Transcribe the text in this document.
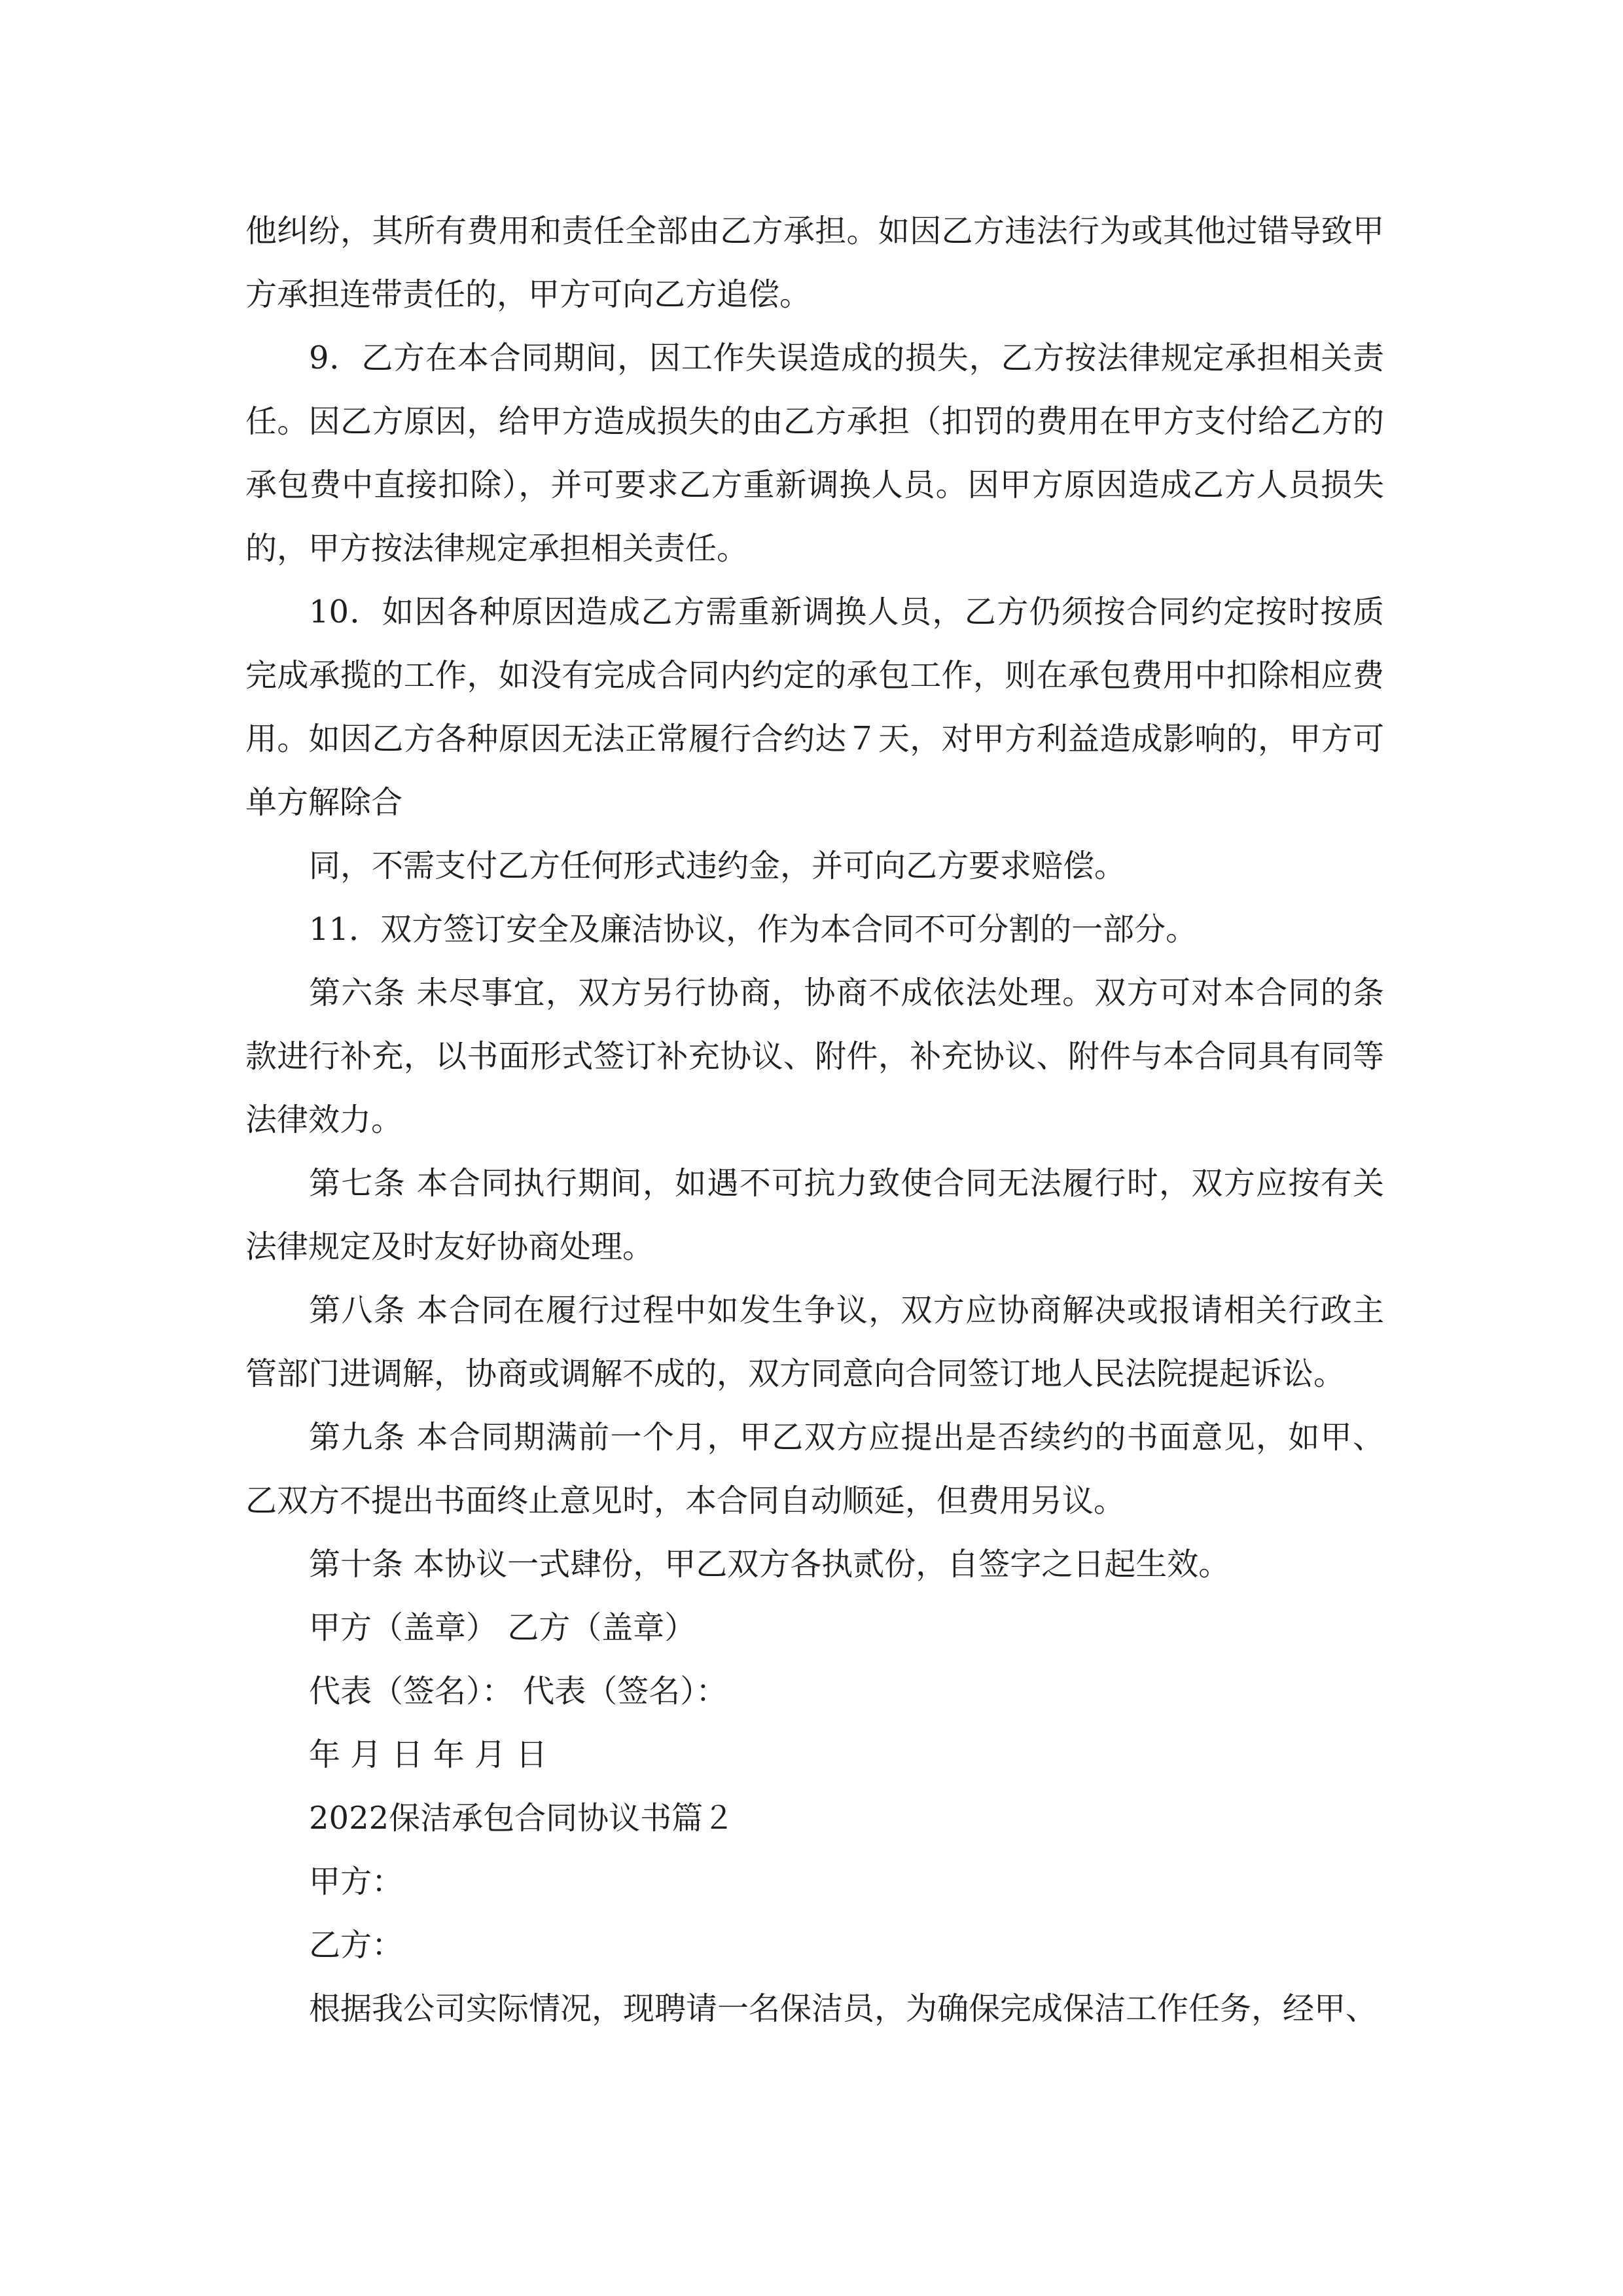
他纠纷，其所有费用和责任全部由乙方承担。如因乙方违法行为或其他过错导致甲方承担连带责任的，甲方可向乙方追偿。

9．乙方在本合同期间，因工作失误造成的损失，乙方按法律规定承担相关责任。因乙方原因，给甲方造成损失的由乙方承担（扣罚的费用在甲方支付给乙方的承包费中直接扣除），并可要求乙方重新调换人员。因甲方原因造成乙方人员损失的，甲方按法律规定承担相关责任。

10．如因各种原因造成乙方需重新调换人员，乙方仍须按合同约定按时按质完成承揽的工作，如没有完成合同内约定的承包工作，则在承包费用中扣除相应费用。如因乙方各种原因无法正常履行合约达７天，对甲方利益造成影响的，甲方可单方解除合

同，不需支付乙方任何形式违约金，并可向乙方要求赔偿。

11．双方签订安全及廉洁协议，作为本合同不可分割的一部分。

第六条 未尽事宜，双方另行协商，协商不成依法处理。双方可对本合同的条款进行补充，以书面形式签订补充协议、附件，补充协议、附件与本合同具有同等法律效力。

第七条 本合同执行期间，如遇不可抗力致使合同无法履行时，双方应按有关法律规定及时友好协商处理。

第八条 本合同在履行过程中如发生争议，双方应协商解决或报请相关行政主管部门进调解，协商或调解不成的，双方同意向合同签订地人民法院提起诉讼。

第九条 本合同期满前一个月，甲乙双方应提出是否续约的书面意见，如甲、乙双方不提出书面终止意见时，本合同自动顺延，但费用另议。

第十条 本协议一式肆份，甲乙双方各执贰份，自签字之日起生效。

甲方（盖章） 乙方（盖章）

代表（签名）： 代表（签名）：

年 月 日 年 月 日

2022保洁承包合同协议书篇２

甲方：

乙方：

根据我公司实际情况，现聘请一名保洁员，为确保完成保洁工作任务，经甲、
